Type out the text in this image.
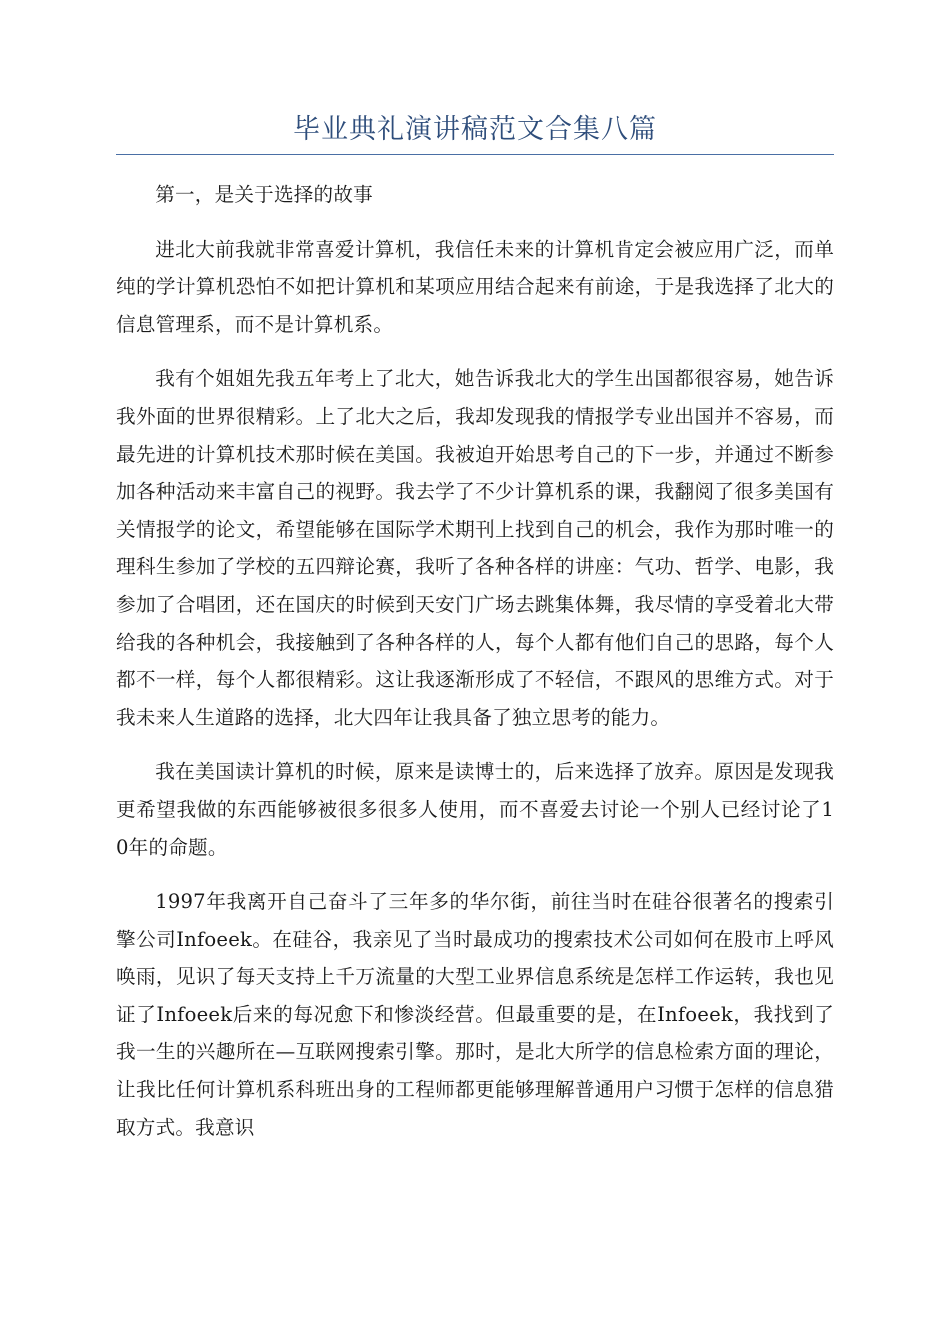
毕业典礼演讲稿范文合集八篇

第一，是关于选择的故事

进北大前我就非常喜爱计算机，我信任未来的计算机肯定会被应用广泛，而单纯的学计算机恐怕不如把计算机和某项应用结合起来有前途，于是我选择了北大的信息管理系，而不是计算机系。

我有个姐姐先我五年考上了北大，她告诉我北大的学生出国都很容易，她告诉我外面的世界很精彩。上了北大之后，我却发现我的情报学专业出国并不容易，而最先进的计算机技术那时候在美国。我被迫开始思考自己的下一步，并通过不断参加各种活动来丰富自己的视野。我去学了不少计算机系的课，我翻阅了很多美国有关情报学的论文，希望能够在国际学术期刊上找到自己的机会，我作为那时唯一的理科生参加了学校的五四辩论赛，我听了各种各样的讲座：气功、哲学、电影，我参加了合唱团，还在国庆的时候到天安门广场去跳集体舞，我尽情的享受着北大带给我的各种机会，我接触到了各种各样的人，每个人都有他们自己的思路，每个人都不一样，每个人都很精彩。这让我逐渐形成了不轻信，不跟风的思维方式。对于我未来人生道路的选择，北大四年让我具备了独立思考的能力。

我在美国读计算机的时候，原来是读博士的，后来选择了放弃。原因是发现我更希望我做的东西能够被很多很多人使用，而不喜爱去讨论一个别人已经讨论了10年的命题。

1997年我离开自己奋斗了三年多的华尔街，前往当时在硅谷很著名的搜索引擎公司Infoeek。在硅谷，我亲见了当时最成功的搜索技术公司如何在股市上呼风唤雨，见识了每天支持上千万流量的大型工业界信息系统是怎样工作运转，我也见证了Infoeek后来的每况愈下和惨淡经营。但最重要的是，在Infoeek，我找到了我一生的兴趣所在—互联网搜索引擎。那时，是北大所学的信息检索方面的理论，让我比任何计算机系科班出身的工程师都更能够理解普通用户习惯于怎样的信息猎取方式。我意识
